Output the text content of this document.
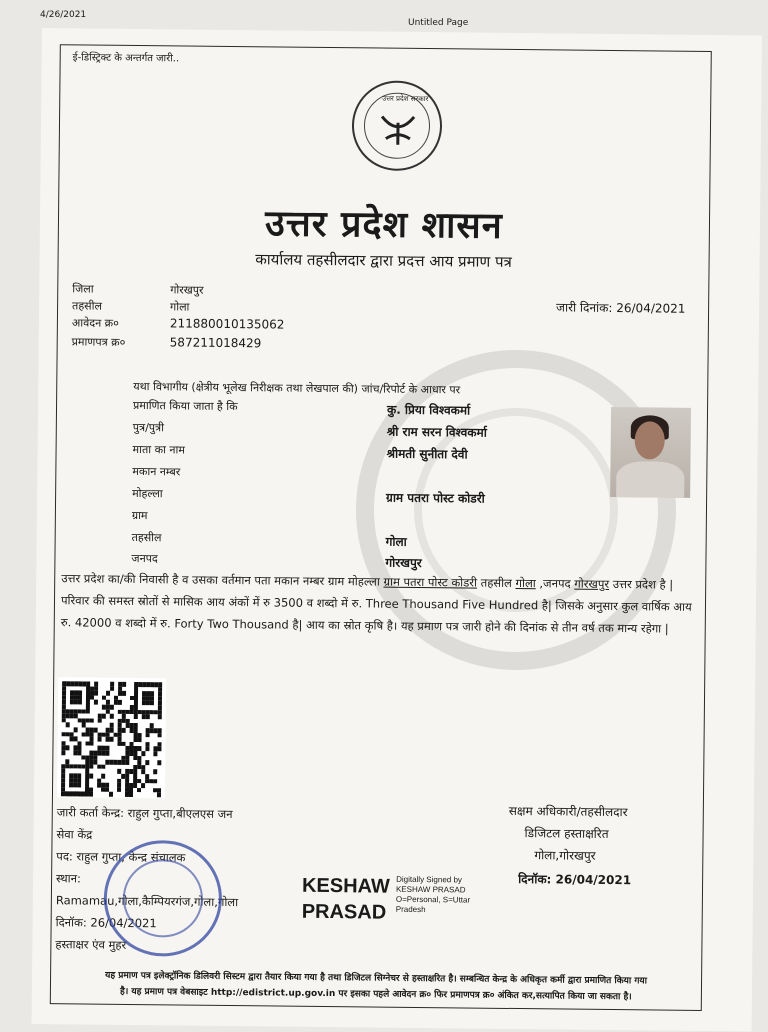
4/26/2021
Untitled Page
ई-डिस्ट्रिक्ट के अन्तर्गत जारी..
उत्तर प्रदेश सरकार
उत्तर प्रदेश शासन
कार्यालय तहसीलदार द्वारा प्रदत्त आय प्रमाण पत्र
जिला	गोरखपुर
तहसील	गोला
आवेदन क्र०	211880010135062
प्रमाणपत्र क्र०	587211018429
जारी दिनांक: 26/04/2021
यथा विभागीय (क्षेत्रीय भूलेख निरीक्षक तथा लेखपाल की) जांच/रिपोर्ट के आधार पर
प्रमाणित किया जाता है कि	कु. प्रिया विश्वकर्मा
पुत्र/पुत्री	श्री राम सरन विश्वकर्मा
माता का नाम	श्रीमती सुनीता देवी
मकान नम्बर
मोहल्ला	ग्राम पतरा पोस्ट कोडरी
ग्राम
तहसील	गोला
जनपद	गोरखपुर
उत्तर प्रदेश का/की निवासी है व उसका वर्तमान पता मकान नम्बर ग्राम मोहल्ला ग्राम पतरा पोस्ट कोडरी तहसील गोला ,जनपद गोरखपुर उत्तर प्रदेश है | परिवार की समस्त स्रोतों से मासिक आय अंकों में रु 3500 व शब्दो में रु. Three Thousand Five Hundred है| जिसके अनुसार कुल वार्षिक आय रु. 42000 व शब्दो में रु. Forty Two Thousand है| आय का स्रोत कृषि है। यह प्रमाण पत्र जारी होने की दिनांक से तीन वर्ष तक मान्य रहेगा |
जारी कर्ता केन्द्र: राहुल गुप्ता,बीएलएस जन
सेवा केंद्र
पद: राहुल गुप्ता, केन्द्र संचालक
स्थान:
Ramamau,गोला,कैम्पियरगंज,गोला,गोला
दिनॉक: 26/04/2021
हस्ताक्षर एंव मुहर
KESHAW
PRASAD
Digitally Signed by
KESHAW PRASAD
O=Personal, S=Uttar
Pradesh
सक्षम अधिकारी/तहसीलदार
डिजिटल हस्ताक्षरित
गोला,गोरखपुर
दिनॉक: 26/04/2021
यह प्रमाण पत्र इलेक्ट्रॉनिक डिलिवरी सिस्टम द्वारा तैयार किया गया है तथा डिजिटल सिग्नेचर से हस्ताक्षरित है। सम्बन्धित केन्द्र के अधिकृत कर्मी द्वारा प्रमाणित किया गया
है। यह प्रमाण पत्र वेबसाइट http://edistrict.up.gov.in पर इसका पहले आवेदन क्र० फिर प्रमाणपत्र क्र० अंकित कर,सत्यापित किया जा सकता है।
